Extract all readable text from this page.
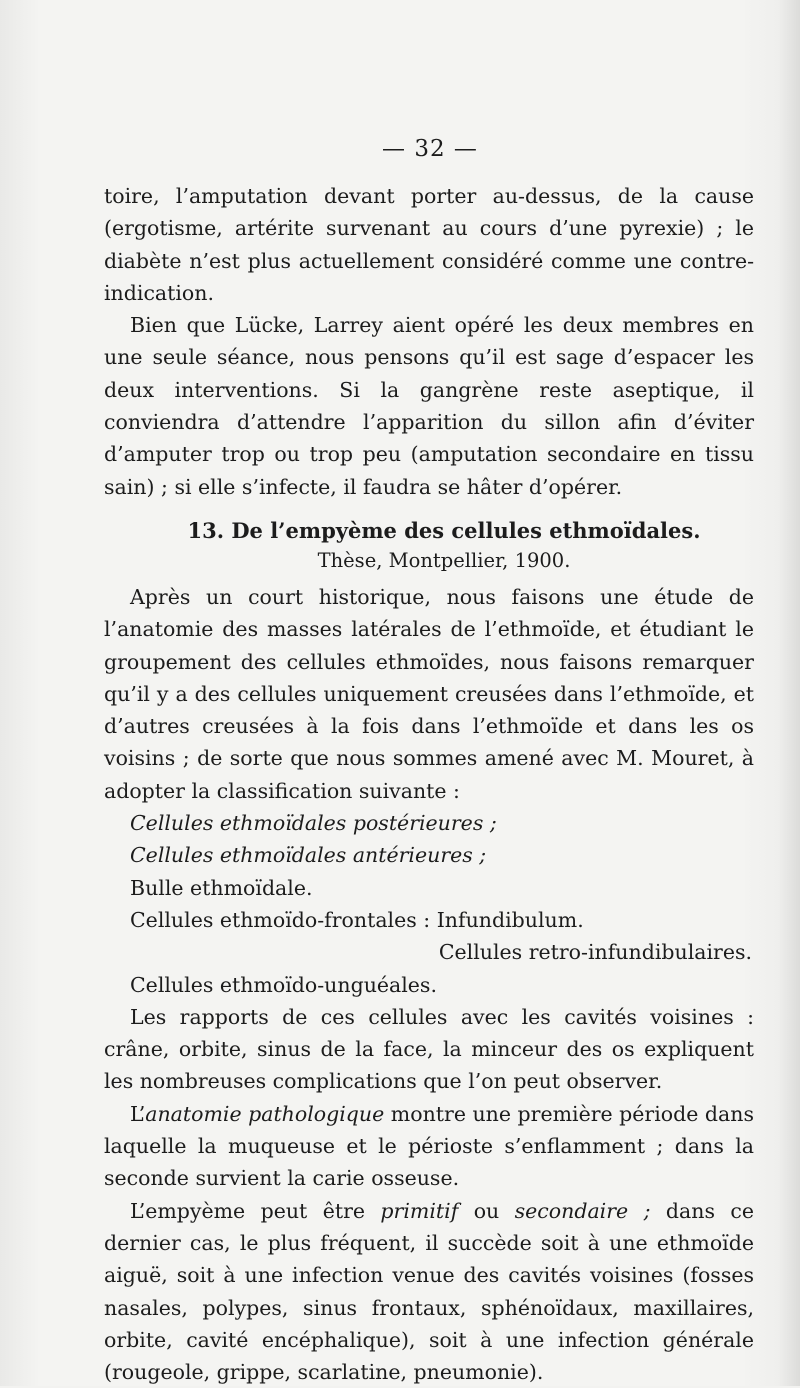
— 32 —

toire, l’amputation devant porter au-dessus, de la cause (ergotisme, artérite survenant au cours d’une pyrexie) ; le diabète n’est plus actuellement considéré comme une contre-indication.

Bien que Lücke, Larrey aient opéré les deux membres en une seule séance, nous pensons qu’il est sage d’espacer les deux interventions. Si la gangrène reste aseptique, il conviendra d’attendre l’apparition du sillon afin d’éviter d’amputer trop ou trop peu (amputation secondaire en tissu sain) ; si elle s’infecte, il faudra se hâter d’opérer.

13. De l’empyème des cellules ethmoïdales.
Thèse, Montpellier, 1900.

Après un court historique, nous faisons une étude de l’anatomie des masses latérales de l’ethmoïde, et étudiant le groupement des cellules ethmoïdes, nous faisons remarquer qu’il y a des cellules uniquement creusées dans l’ethmoïde, et d’autres creusées à la fois dans l’ethmoïde et dans les os voisins ; de sorte que nous sommes amené avec M. Mouret, à adopter la classification suivante :

Cellules ethmoïdales postérieures ;

Cellules ethmoïdales antérieures ;

Bulle ethmoïdale.

Cellules ethmoïdo-frontales : Infundibulum.

Cellules retro-infundibulaires.

Cellules ethmoïdo-unguéales.

Les rapports de ces cellules avec les cavités voisines : crâne, orbite, sinus de la face, la minceur des os expliquent les nombreuses complications que l’on peut observer.

L’anatomie pathologique montre une première période dans laquelle la muqueuse et le périoste s’enflamment ; dans la seconde survient la carie osseuse.

L’empyème peut être primitif ou secondaire ; dans ce dernier cas, le plus fréquent, il succède soit à une ethmoïde aiguë, soit à une infection venue des cavités voisines (fosses nasales, polypes, sinus frontaux, sphénoïdaux, maxillaires, orbite, cavité encéphalique), soit à une infection générale (rougeole, grippe, scarlatine, pneumonie).
